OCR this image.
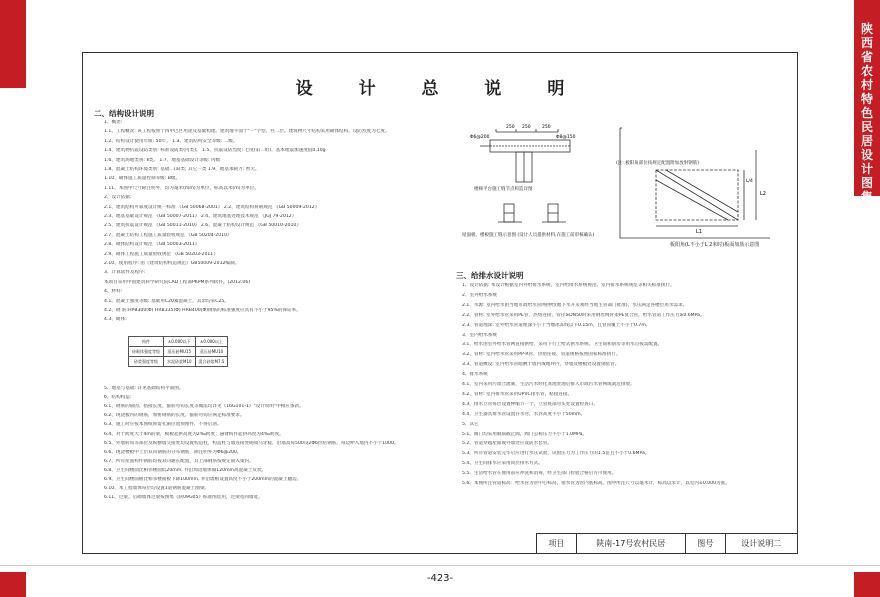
陕
西
省
农
村
特
色
民
居
设
计
图
集
设 计 总 说 明
二、结构设计说明
1、概述:
1.1、工程概况: 该工程按照于四甲巴区用途及基础构建。建筑地平面于"一"字型。共二层。建筑物尺寸结构采用砌体结构。设防烈度为七度。
1.2、结构设计使用年限: 50年。 1.3、建筑结构安全等级: 二级。
1.4、建筑物抗震设防类别: 标准设防类(丙类)。 1.5、抗震设防烈度: 七度(第二组)。基本地震加速度值0.10g
1.6、建筑场地类别: Ⅱ类。 1.7、地基基础设计等级: 丙级
1.8、混凝土结构环境类别: 基础二(a)类; 其它一类 1.9、地基承载力: 暂无。
1.10、砌体施工质量控制等级: B级。
1.11、本图中尺寸除注明外，均为毫米(mm)为单位，标高以米(m)为单位。
2、设计依据:
2.1、建筑结构可靠度设计统一标准 《GB 50068-2001》 2.2、建筑结构荷载规范 《GB 50009-2012》
2.3、地基基础设计规范 《GB 50007-2011》 2.4、建筑地基处理技术规范 《JGJ 79-2012》
2.5、建筑抗震设计规范 《GB 50011-2010》 2.6、混凝土结构设计规范 《GB 50010-2010》
2.7、混凝土结构工程施工质量验收规范 《GB 50204-2010》
2.8、砌体结构设计规范 《GB 50003-2011》
2.9、砌体工程施工质量验收规范 《GB 50203-2011》
2.10、使用程序: 由《建筑结构构造规范》GB50009-2012编制。
3、计算软件及程序:
本项目采用中国建筑科学研究院CAD工程部PKPM系列软件。(2012.06)
4、材料:
4.1、混凝土强度等级: 基础用C20素混凝土，其余均采C25。
4.2、钢 筋:HPB300(Φ) HRB335(Φ) HRB400(Φ)钢筋的标准强度应具有不小于95%的保证率。
4.3、砌体:
构件	±0.000以下	±0.000以上
砖砌体强度等级	蒸压砖MU15	蒸压砖MU10
砂浆强度等级	水泥砂浆M10	混合砂浆M7.5
5、地基与基础: 详见基础结构平面图。
6、结构构造:
6.1、钢筋的锚固、搭接长度、箍筋弯钩长度等做法均详见《16G101-1》"设计说明"中相应条款。
6.2、现浇板内的钢筋，加密钢筋的长度。箍筋弯钩应满足标准要求。
6.3、施工时应按本图纸预留孔洞位置预埋件，不得后凿。
6.4、对于跨度大于4m的梁，模板起拱高度为2‰跨度；悬臂构件起拱高度为4‰跨度。
6.5、外墙转角等部位及纵横墙交接处均设置构造柱，构造柱与墙连接处砌成马牙槎，沿墙高每500设2Φ6拉结钢筋，每边伸入墙内不小于1000。
6.6、现浇楼板中上层双向钢筋的分布钢筋，除注明外为Φ6@200。
6.7、所有屋面构件钢筋均按双向通长配置，其上部钢筋按规定锚入梁内。
6.8、卫生间楼面比相邻楼面低20mm, 并沿周边墙体做120mm高混凝土反坎。
6.9、卫生间楼面板比相邻楼面板下降100mm, 并沿墙根设置高度不小于200mm的混凝土翻边。
6.10、本工程墙体每层均设置1道钢筋混凝土圈梁。
6.11、过梁。后砌墙体过梁按图集《陕09G05》标准图选用，过梁宽同墙宽。
250 250	250
Φ6@200	Φ8@150
L1
L2
L/4
楼梯平台施工缝节点构造详图
屋面板、楼板施工缝示意图 (设计人员提供材料,在施工前审核确认)
板阳角(L不小于L 2米时)板面加筋示意图
(注: 板阳角部位按规定配置附加放射钢筋)
三、给排水设计说明
1、设计依据: 本设计根据室内外给排水系统，室内给排水系统规范、室内排水系统规范等相关标准执行。
2、室外给水系统
2.1、水源: 室内给水由当地市政给水管网供给(地下水开采须经当地主管部门批准)，水压满足各楼层用水需求。
2.2、管材: 室外给水管采用PE管，热熔连接，管径≥DN50时采用钢丝网骨架PE复合管，给水管道工作压力≥0.6MPa。
2.3、管道埋深: 室外给水管道埋深不小于当地冰冻线以下0.15m，且管顶覆土不小于0.7m。
3、室内给水系统
3.1、给水由室外给水管网直接供给，采用下行上给式供水系统。卫生间和厨房等用水点按需配置。
3.2、管材: 室内给水管采用PP-R管，热熔连接，管道规格按照国家标准执行。
3.3、管道敷设: 室内给水管暗敷于墙内或地坪内，穿墙及楼板处设置钢套管。
4、排水系统
4.1、室内采用污废合流制，生活污水经化粪池处理后排入市政污水管网或就近排放。
4.2、管材: 室内排水管采用UPVC排水管，粘接连接。
4.3、排水立管每层设置伸缩节一个，立管底部弯头处设置检查口。
4.4、卫生器具排水管设置存水弯，水封高度不小于50mm。
5、其它
5.1、阀门均采用铜质截止阀，阀门公称压力不小于1.0MPa。
5.2、管道穿越屋面或外墙处应设防水套管。
5.3、所有管道安装完毕后应进行水压试验，试验压力为工作压力的1.5倍且不小于0.6MPa。
5.4、卫生间排水应采用同层排水方式。
5.5、生活给水管在使用前应冲洗和消毒，经卫生部门检验合格后方可使用。
5.6、本图所注管道标高：给水管为管中心标高，排水管为管内底标高。图中所注尺寸以毫米计，标高以米计，以室内±0.000为准。
项目	陕南-17号农村民居	图号	设计说明二
-423-
